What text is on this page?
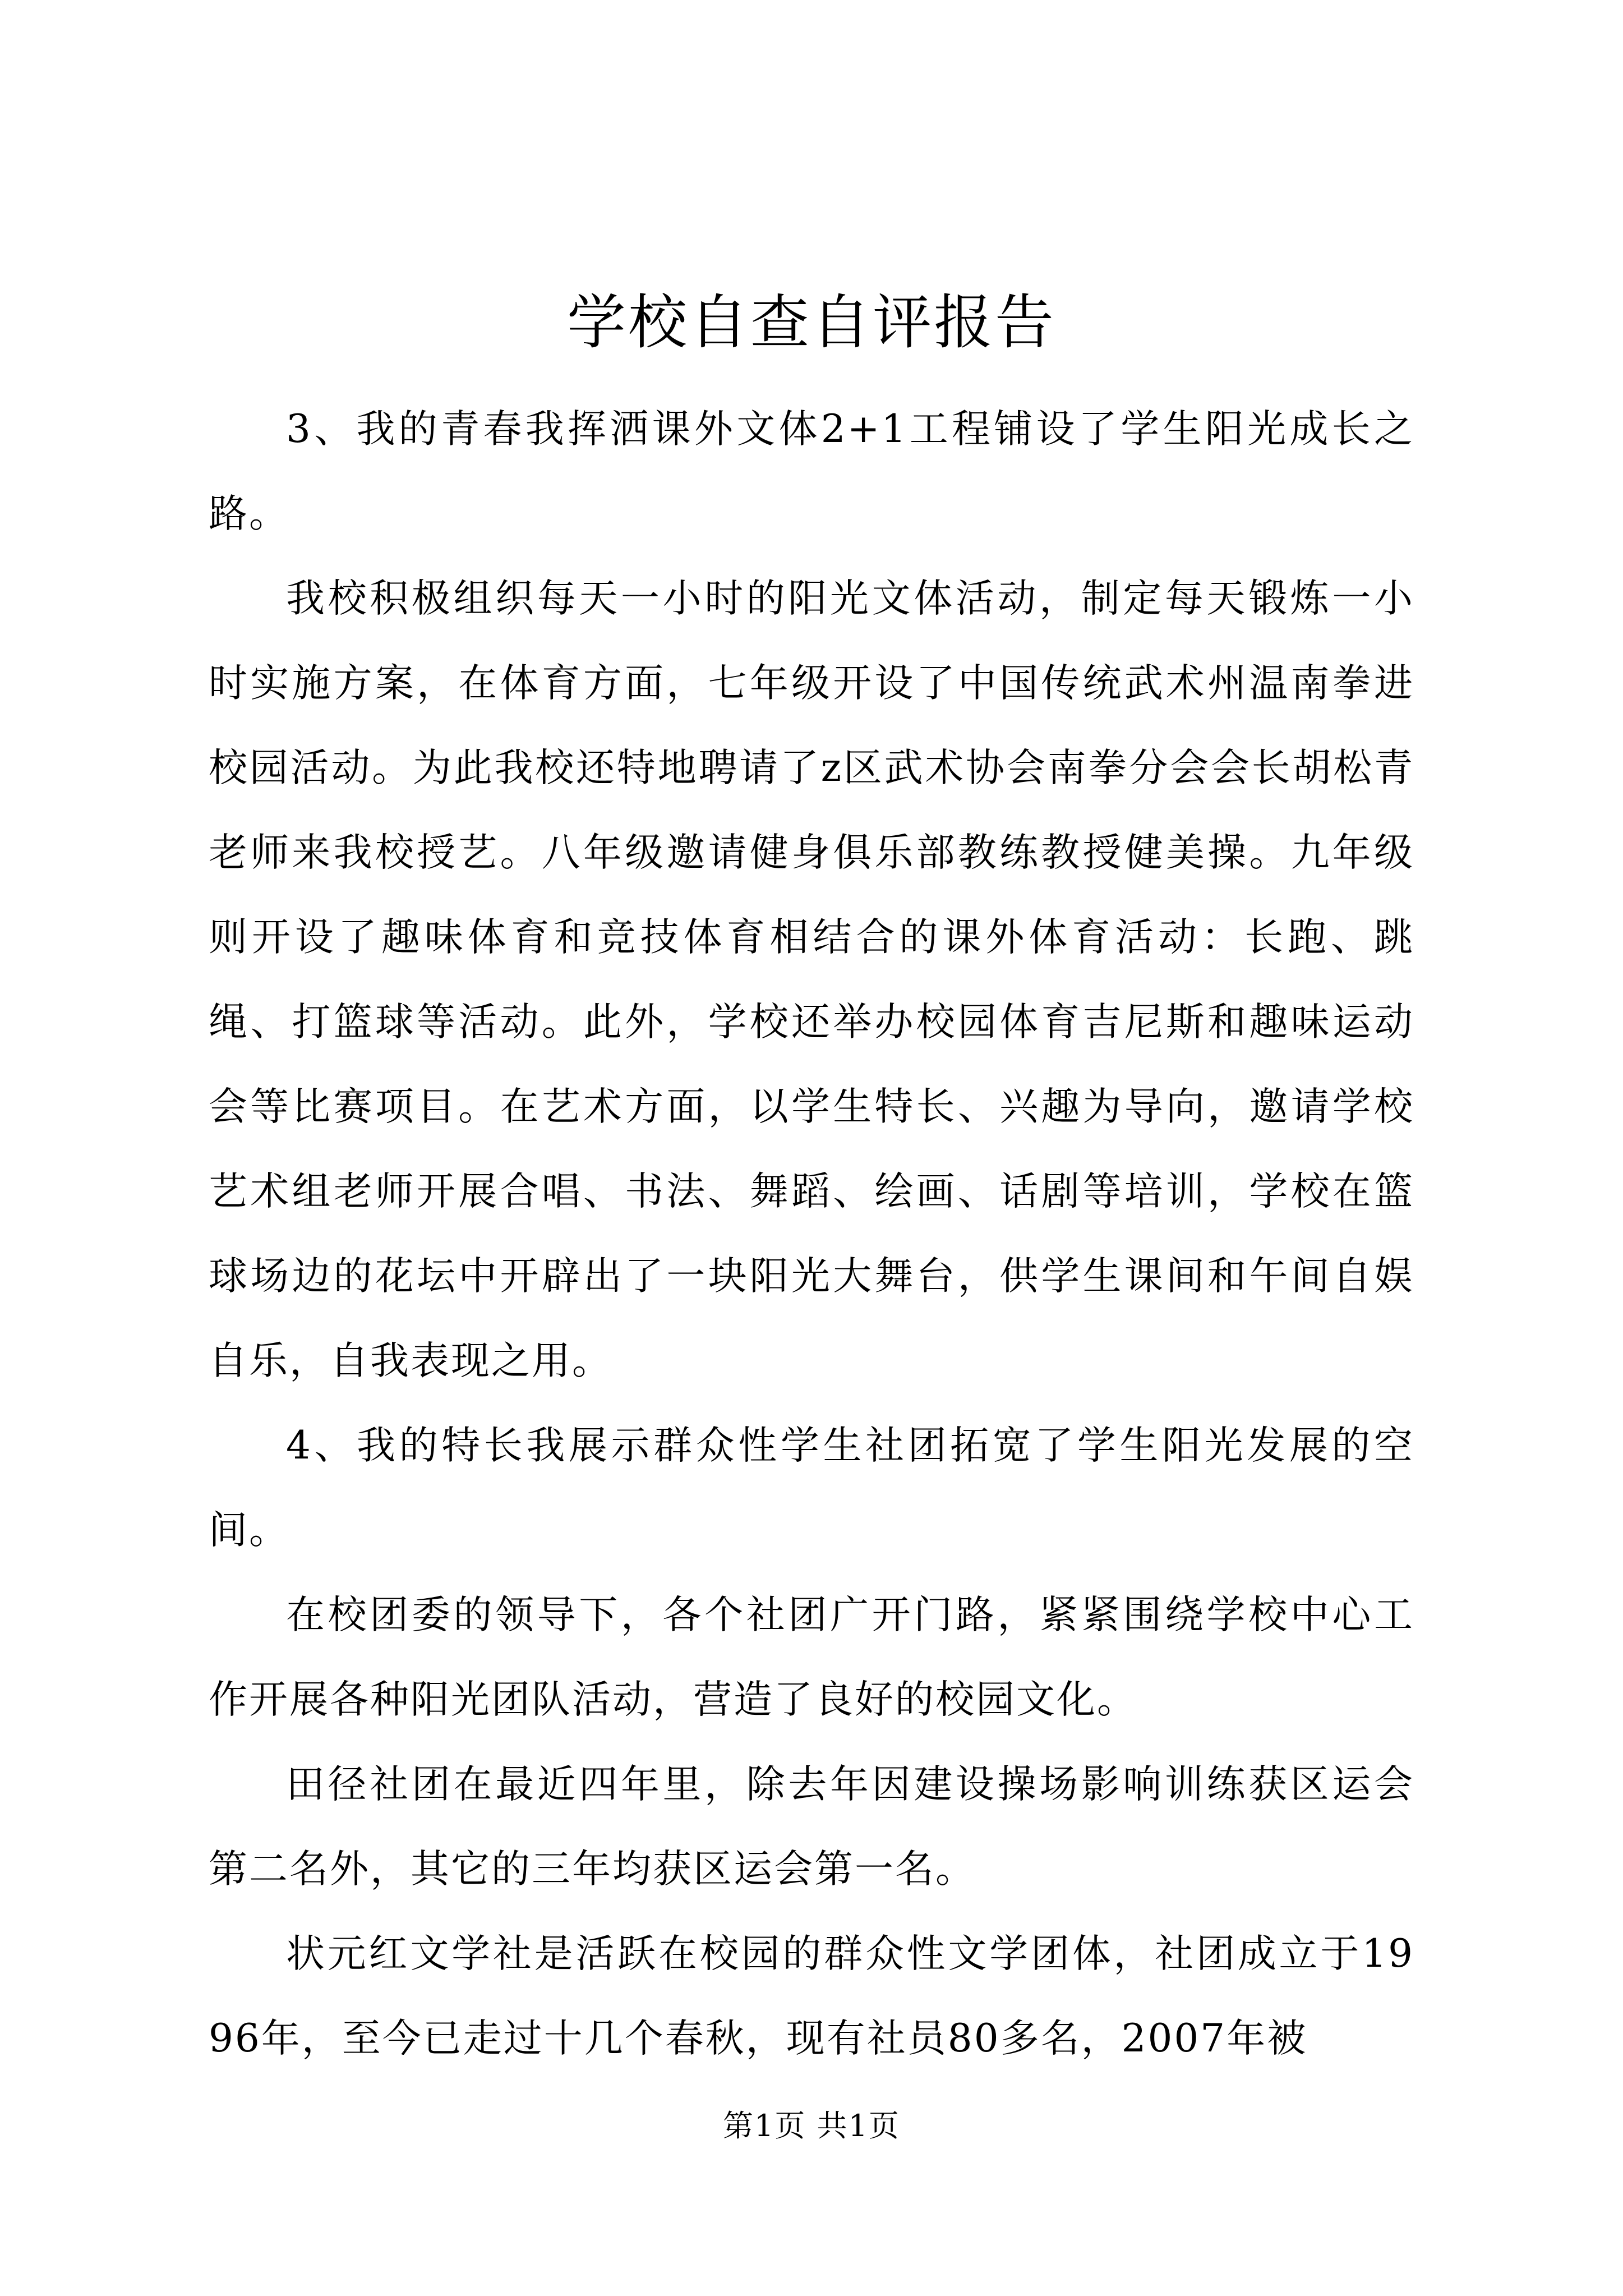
学校自查自评报告

3、我的青春我挥洒课外文体2+1工程铺设了学生阳光成长之路。

我校积极组织每天一小时的阳光文体活动，制定每天锻炼一小时实施方案，在体育方面，七年级开设了中国传统武术州温南拳进校园活动。为此我校还特地聘请了z区武术协会南拳分会会长胡松青老师来我校授艺。八年级邀请健身俱乐部教练教授健美操。九年级则开设了趣味体育和竞技体育相结合的课外体育活动：长跑、跳绳、打篮球等活动。此外，学校还举办校园体育吉尼斯和趣味运动会等比赛项目。在艺术方面，以学生特长、兴趣为导向，邀请学校艺术组老师开展合唱、书法、舞蹈、绘画、话剧等培训，学校在篮球场边的花坛中开辟出了一块阳光大舞台，供学生课间和午间自娱自乐，自我表现之用。

4、我的特长我展示群众性学生社团拓宽了学生阳光发展的空间。

在校团委的领导下，各个社团广开门路，紧紧围绕学校中心工作开展各种阳光团队活动，营造了良好的校园文化。

田径社团在最近四年里，除去年因建设操场影响训练获区运会第二名外，其它的三年均获区运会第一名。

状元红文学社是活跃在校园的群众性文学团体，社团成立于1996年，至今已走过十几个春秋，现有社员80多名，2007年被

第1页 共1页
